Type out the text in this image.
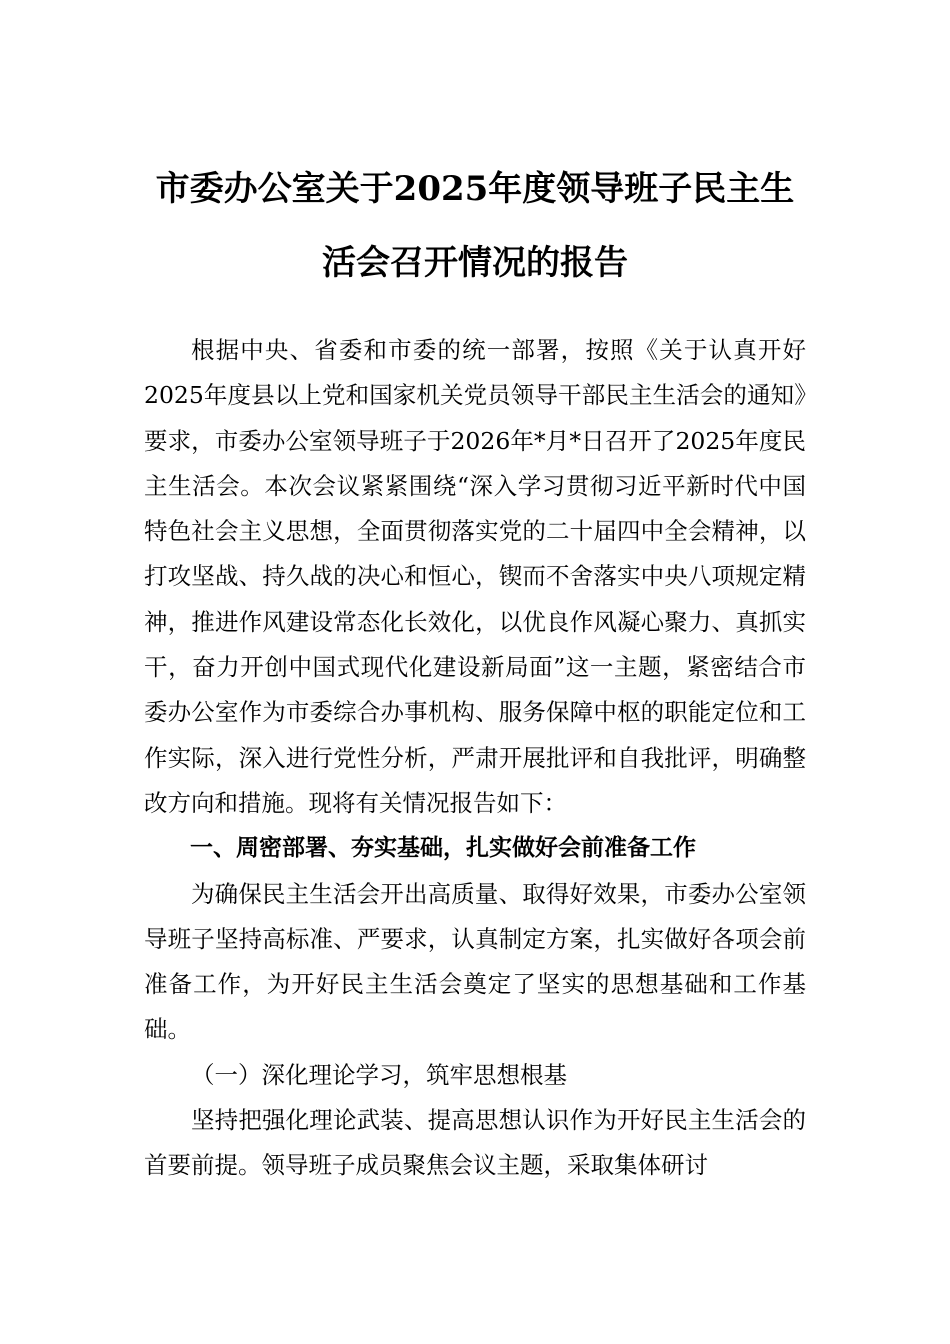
市委办公室关于2025年度领导班子民主生
活会召开情况的报告

根据中央、省委和市委的统一部署，按照《关于认真开好2025年度县以上党和国家机关党员领导干部民主生活会的通知》要求，市委办公室领导班子于2026年*月*日召开了2025年度民主生活会。本次会议紧紧围绕“深入学习贯彻习近平新时代中国特色社会主义思想，全面贯彻落实党的二十届四中全会精神，以打攻坚战、持久战的决心和恒心，锲而不舍落实中央八项规定精神，推进作风建设常态化长效化，以优良作风凝心聚力、真抓实干，奋力开创中国式现代化建设新局面”这一主题，紧密结合市委办公室作为市委综合办事机构、服务保障中枢的职能定位和工作实际，深入进行党性分析，严肃开展批评和自我批评，明确整改方向和措施。现将有关情况报告如下：

一、周密部署、夯实基础，扎实做好会前准备工作

为确保民主生活会开出高质量、取得好效果，市委办公室领导班子坚持高标准、严要求，认真制定方案，扎实做好各项会前准备工作，为开好民主生活会奠定了坚实的思想基础和工作基础。

（一）深化理论学习，筑牢思想根基

坚持把强化理论武装、提高思想认识作为开好民主生活会的首要前提。领导班子成员聚焦会议主题，采取集体研讨
